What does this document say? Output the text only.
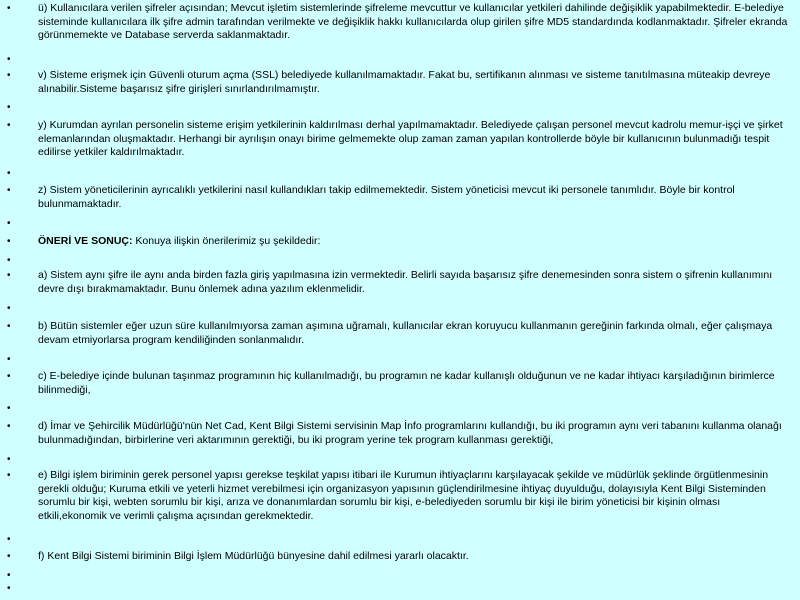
•	ü) Kullanıcılara verilen şifreler açısından; Mevcut işletim sistemlerinde şifreleme mevcuttur ve kullanıcılar yetkileri dahilinde değişiklik yapabilmektedir. E-belediye sisteminde kullanıcılara ilk şifre admin tarafından verilmekte ve değişiklik hakkı kullanıcılarda olup girilen şifre MD5 standardında kodlanmaktadır. Şifreler ekranda görünmemekte ve Database serverda saklanmaktadır.
•
•	v) Sisteme erişmek için Güvenli oturum açma (SSL) belediyede kullanılmamaktadır. Fakat bu, sertifikanın alınması ve sisteme tanıtılmasına müteakip devreye alınabilir.Sisteme başarısız şifre girişleri sınırlandırılmamıştır.
•
•	y) Kurumdan ayrılan personelin sisteme erişim yetkilerinin kaldırılması derhal yapılmamaktadır. Belediyede çalışan personel mevcut kadrolu memur-işçi ve şirket elemanlarından oluşmaktadır. Herhangi bir ayrılışın onayı birime gelmemekte olup zaman zaman yapılan kontrollerde böyle bir kullanıcının bulunmadığı tespit edilirse yetkiler kaldırılmaktadır.
•
•	z) Sistem yöneticilerinin ayrıcalıklı yetkilerini nasıl kullandıkları takip edilmemektedir. Sistem yöneticisi mevcut iki personele tanımlıdır. Böyle bir kontrol bulunmamaktadır.
•
•	ÖNERİ VE SONUÇ: Konuya ilişkin önerilerimiz şu şekildedir:
•
•	a) Sistem aynı şifre ile aynı anda birden fazla giriş yapılmasına izin vermektedir. Belirli sayıda başarısız şifre denemesinden sonra sistem o şifrenin kullanımını devre dışı bırakmamaktadır. Bunu önlemek adına yazılım eklenmelidir.
•
•	b) Bütün sistemler eğer uzun süre kullanılmıyorsa zaman aşımına uğramalı, kullanıcılar ekran koruyucu kullanmanın gereğinin farkında olmalı, eğer çalışmaya devam etmiyorlarsa program kendiliğinden sonlanmalıdır.
•
•	c) E-belediye içinde bulunan taşınmaz programının hiç kullanılmadığı, bu programın ne kadar kullanışlı olduğunun ve ne kadar ihtiyacı karşıladığının birimlerce bilinmediği,
•
•	d) İmar ve Şehircilik Müdürlüğü'nün Net Cad, Kent Bilgi Sistemi servisinin Map İnfo programlarını kullandığı, bu iki programın aynı veri tabanını kullanma olanağı bulunmadığından, birbirlerine veri aktarımının gerektiği, bu iki program yerine tek program kullanması gerektiği,
•
•	e) Bilgi işlem biriminin gerek personel yapısı gerekse teşkilat yapısı itibari ile Kurumun ihtiyaçlarını karşılayacak şekilde ve müdürlük şeklinde örgütlenmesinin gerekli olduğu; Kuruma etkili ve yeterli hizmet verebilmesi için organizasyon yapısının güçlendirilmesine ihtiyaç duyulduğu, dolayısıyla Kent Bilgi Sisteminden sorumlu bir kişi, webten sorumlu bir kişi, arıza ve donanımlardan sorumlu bir kişi, e-belediyeden sorumlu bir kişi ile birim yöneticisi bir kişinin olması etkili,ekonomik ve verimli çalışma açısından gerekmektedir.
•
•	f) Kent Bilgi Sistemi biriminin Bilgi İşlem Müdürlüğü bünyesine dahil edilmesi yararlı olacaktır.
•
•
